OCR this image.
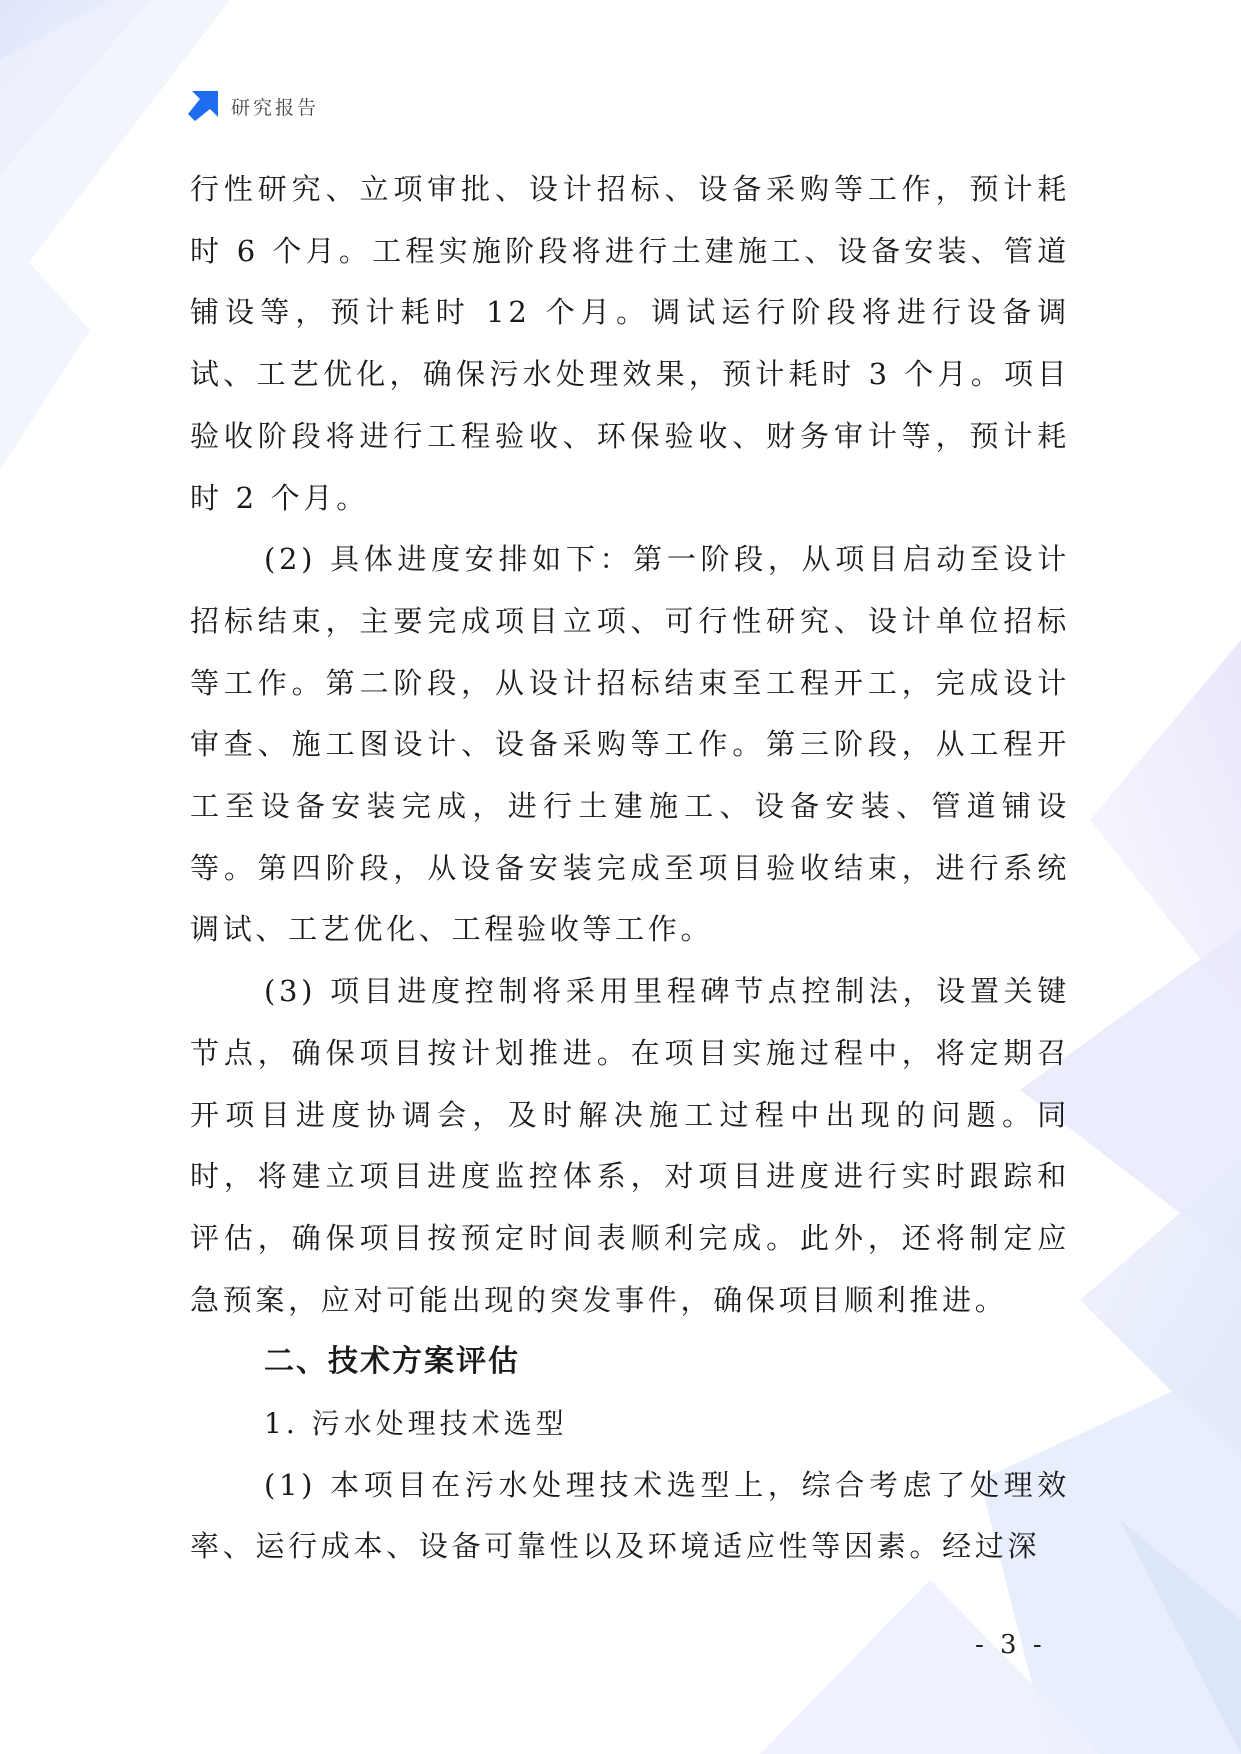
研究报告

行性研究、立项审批、设计招标、设备采购等工作，预计耗时 6 个月。工程实施阶段将进行土建施工、设备安装、管道铺设等，预计耗时 12 个月。调试运行阶段将进行设备调试、工艺优化，确保污水处理效果，预计耗时 3 个月。项目验收阶段将进行工程验收、环保验收、财务审计等，预计耗时 2 个月。

(2) 具体进度安排如下：第一阶段，从项目启动至设计招标结束，主要完成项目立项、可行性研究、设计单位招标等工作。第二阶段，从设计招标结束至工程开工，完成设计审查、施工图设计、设备采购等工作。第三阶段，从工程开工至设备安装完成，进行土建施工、设备安装、管道铺设等。第四阶段，从设备安装完成至项目验收结束，进行系统调试、工艺优化、工程验收等工作。

(3) 项目进度控制将采用里程碑节点控制法，设置关键节点，确保项目按计划推进。在项目实施过程中，将定期召开项目进度协调会，及时解决施工过程中出现的问题。同时，将建立项目进度监控体系，对项目进度进行实时跟踪和评估，确保项目按预定时间表顺利完成。此外，还将制定应急预案，应对可能出现的突发事件，确保项目顺利推进。

二、技术方案评估

1. 污水处理技术选型

(1) 本项目在污水处理技术选型上，综合考虑了处理效率、运行成本、设备可靠性以及环境适应性等因素。经过深

- 3 -
